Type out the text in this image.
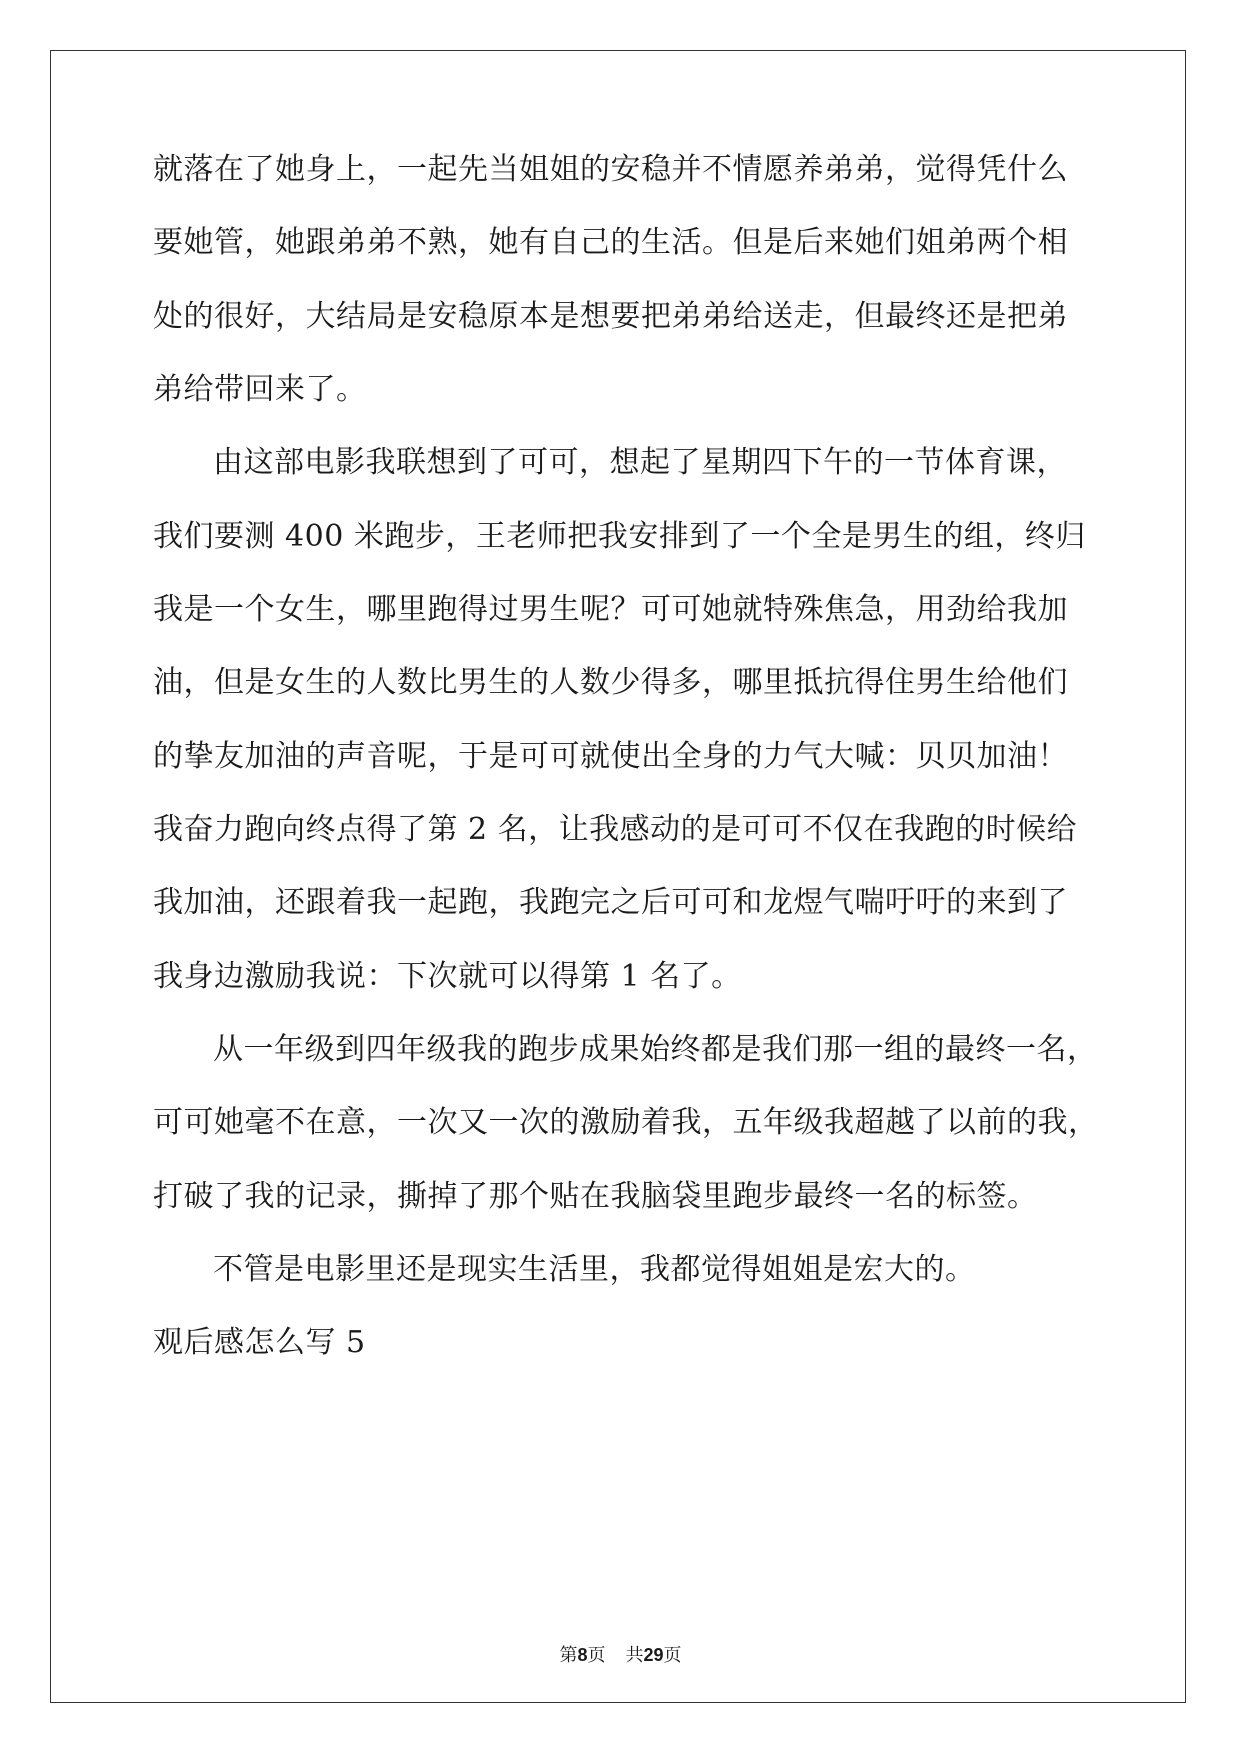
就落在了她身上，一起先当姐姐的安稳并不情愿养弟弟，觉得凭什么
要她管，她跟弟弟不熟，她有自己的生活。但是后来她们姐弟两个相
处的很好，大结局是安稳原本是想要把弟弟给送走，但最终还是把弟
弟给带回来了。
由这部电影我联想到了可可，想起了星期四下午的一节体育课，
我们要测 400 米跑步，王老师把我安排到了一个全是男生的组，终归
我是一个女生，哪里跑得过男生呢？可可她就特殊焦急，用劲给我加
油，但是女生的人数比男生的人数少得多，哪里抵抗得住男生给他们
的挚友加油的声音呢，于是可可就使出全身的力气大喊：贝贝加油！
我奋力跑向终点得了第 2 名，让我感动的是可可不仅在我跑的时候给
我加油，还跟着我一起跑，我跑完之后可可和龙煜气喘吁吁的来到了
我身边激励我说：下次就可以得第 1 名了。
从一年级到四年级我的跑步成果始终都是我们那一组的最终一名，
可可她毫不在意，一次又一次的激励着我，五年级我超越了以前的我，
打破了我的记录，撕掉了那个贴在我脑袋里跑步最终一名的标签。
不管是电影里还是现实生活里，我都觉得姐姐是宏大的。
观后感怎么写 5
第8页 共29页
